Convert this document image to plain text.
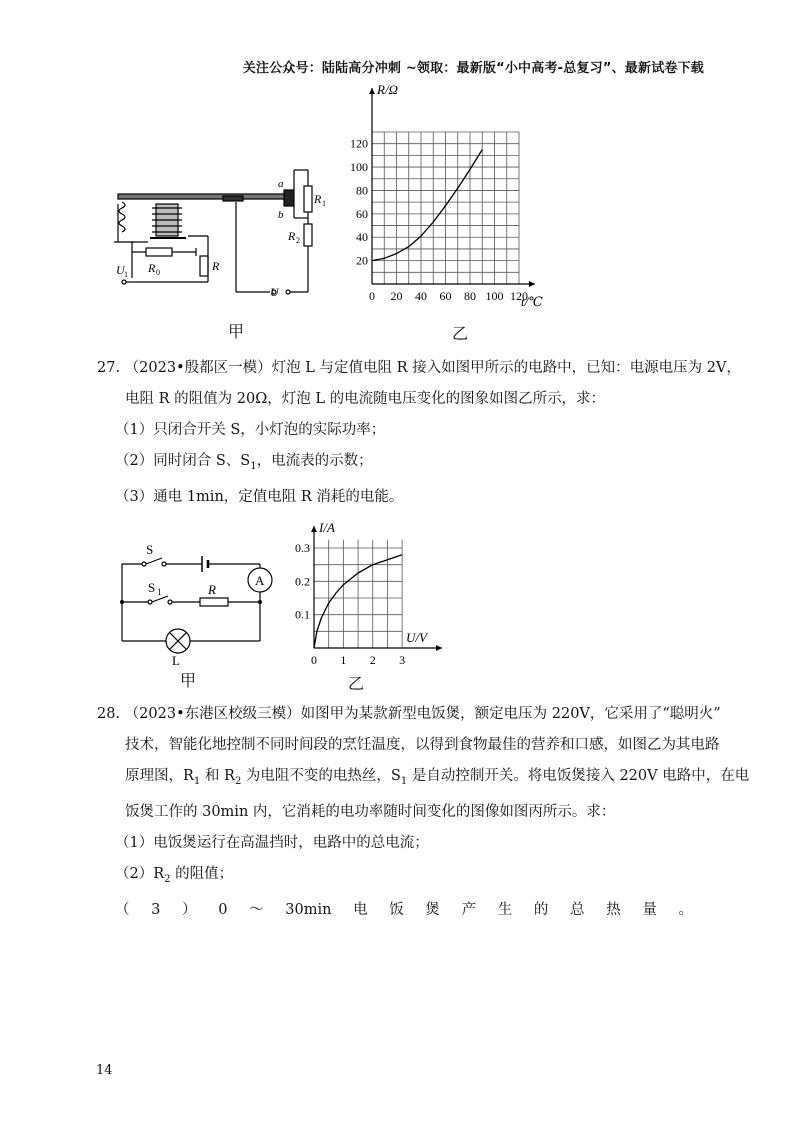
关注公众号：陆陆高分冲刺 ~领取：最新版“小中高考-总复习”、最新试卷下载
a
b
R 1
R 2
R 0	R
U 1
U
甲
0 20 40 60 80 100 120
20
40
60
80
100
120
t/℃
R/Ω
乙
27. （2023•殷都区一模）灯泡 L 与定值电阻 R 接入如图甲所示的电路中，已知：电源电压为 2V，
电阻 R 的阻值为 20Ω，灯泡 L 的电流随电压变化的图象如图乙所示，求：
（1）只闭合开关 S，小灯泡的实际功率；
（2）同时闭合 S、$S_1$，电流表的示数；
（3）通电 1min，定值电阻 R 消耗的电能。
S
S 1	R
A
L
甲
0 1 2 3
0.1
0.2
0.3
U/V
I/A
乙
28. （2023•东港区校级三模）如图甲为某款新型电饭煲，额定电压为 220V，它采用了“聪明火”
技术，智能化地控制不同时间段的烹饪温度，以得到食物最佳的营养和口感，如图乙为其电路
原理图，$R_1$ 和 $R_2$ 为电阻不变的电热丝，$S_1$ 是自动控制开关。将电饭煲接入 220V 电路中，在电
饭煲工作的 30min 内，它消耗的电功率随时间变化的图像如图丙所示。求：
（1）电饭煲运行在高温挡时，电路中的总电流；
$(2)R_2$ 的阻值；
（ 3 ） 0 ～ 30min 电 饭 煲 产 生 的 总 热 量 。
14
